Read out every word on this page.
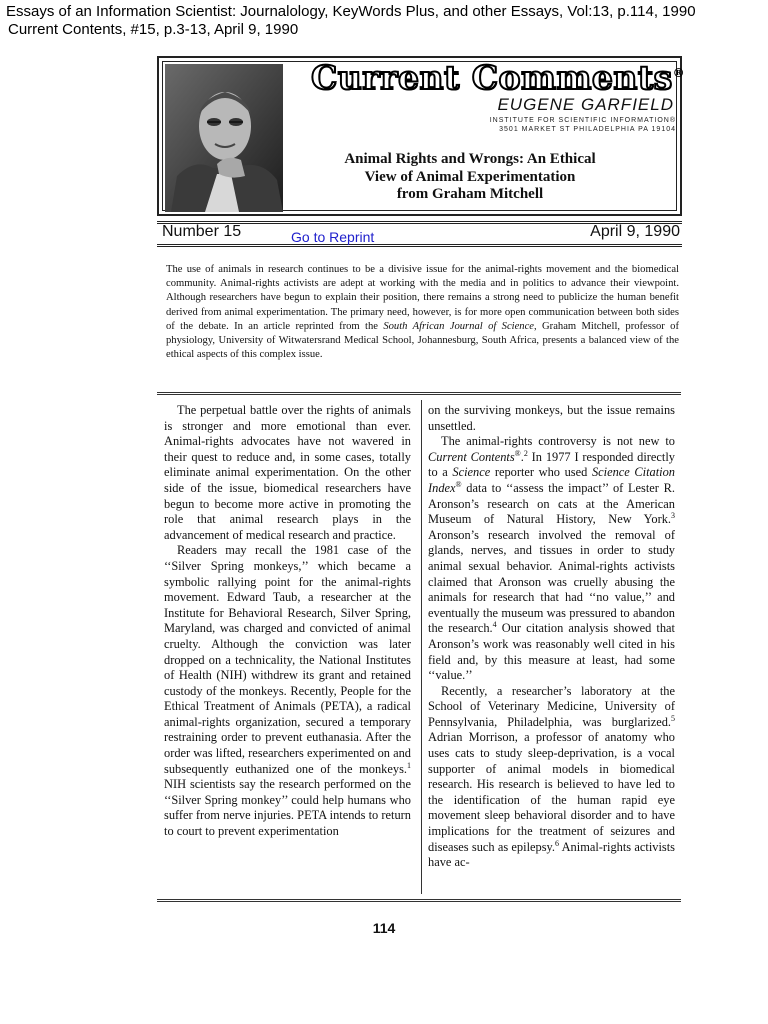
Essays of an Information Scientist: Journalology, KeyWords Plus, and other Essays, Vol:13, p.114, 1990
Current Contents, #15, p.3-13, April 9, 1990
Current Comments®
EUGENE GARFIELD
INSTITUTE FOR SCIENTIFIC INFORMATION®
3501 MARKET ST PHILADELPHIA PA 19104
Animal Rights and Wrongs: An Ethical
View of Animal Experimentation
from Graham Mitchell
Number 15	Go to Reprint	April 9, 1990

The use of animals in research continues to be a divisive issue for the animal-rights movement and the biomedical community. Animal-rights activists are adept at working with the media and in politics to advance their viewpoint. Although researchers have begun to explain their position, there remains a strong need to publicize the human benefit derived from animal experimentation. The primary need, however, is for more open communication between both sides of the debate. In an article reprinted from the South African Journal of Science, Graham Mitchell, professor of physiology, University of Witwatersrand Medical School, Johannesburg, South Africa, presents a balanced view of the ethical aspects of this complex issue.

The perpetual battle over the rights of animals is stronger and more emotional than ever. Animal-rights advocates have not wavered in their quest to reduce and, in some cases, totally eliminate animal experimentation. On the other side of the issue, biomedical researchers have begun to become more active in promoting the role that animal research plays in the advancement of medical research and practice.

Readers may recall the 1981 case of the ‘‘Silver Spring monkeys,’’ which became a symbolic rallying point for the animal-rights movement. Edward Taub, a researcher at the Institute for Behavioral Research, Silver Spring, Maryland, was charged and convicted of animal cruelty. Although the conviction was later dropped on a technicality, the National Institutes of Health (NIH) withdrew its grant and retained custody of the monkeys. Recently, People for the Ethical Treatment of Animals (PETA), a radical animal-rights organization, secured a temporary restraining order to prevent euthanasia. After the order was lifted, researchers experimented on and subsequently euthanized one of the monkeys.$^1$ NIH scientists say the research performed on the ‘‘Silver Spring monkey’’ could help humans who suffer from nerve injuries. PETA intends to return to court to prevent experimentation

on the surviving monkeys, but the issue remains unsettled.

The animal-rights controversy is not new to Current Contents®.$^2$ In 1977 I responded directly to a Science reporter who used Science Citation Index® data to ‘‘assess the impact’’ of Lester R. Aronson’s research on cats at the American Museum of Natural History, New York.$^3$ Aronson’s research involved the removal of glands, nerves, and tissues in order to study animal sexual behavior. Animal-rights activists claimed that Aronson was cruelly abusing the animals for research that had ‘‘no value,’’ and eventually the museum was pressured to abandon the research.$^4$ Our citation analysis showed that Aronson’s work was reasonably well cited in his field and, by this measure at least, had some ‘‘value.’’

Recently, a researcher’s laboratory at the School of Veterinary Medicine, University of Pennsylvania, Philadelphia, was burglarized.$^5$ Adrian Morrison, a professor of anatomy who uses cats to study sleep-deprivation, is a vocal supporter of animal models in biomedical research. His research is believed to have led to the identification of the human rapid eye movement sleep behavioral disorder and to have implications for the treatment of seizures and diseases such as epilepsy.$^6$ Animal-rights activists have ac-

114
